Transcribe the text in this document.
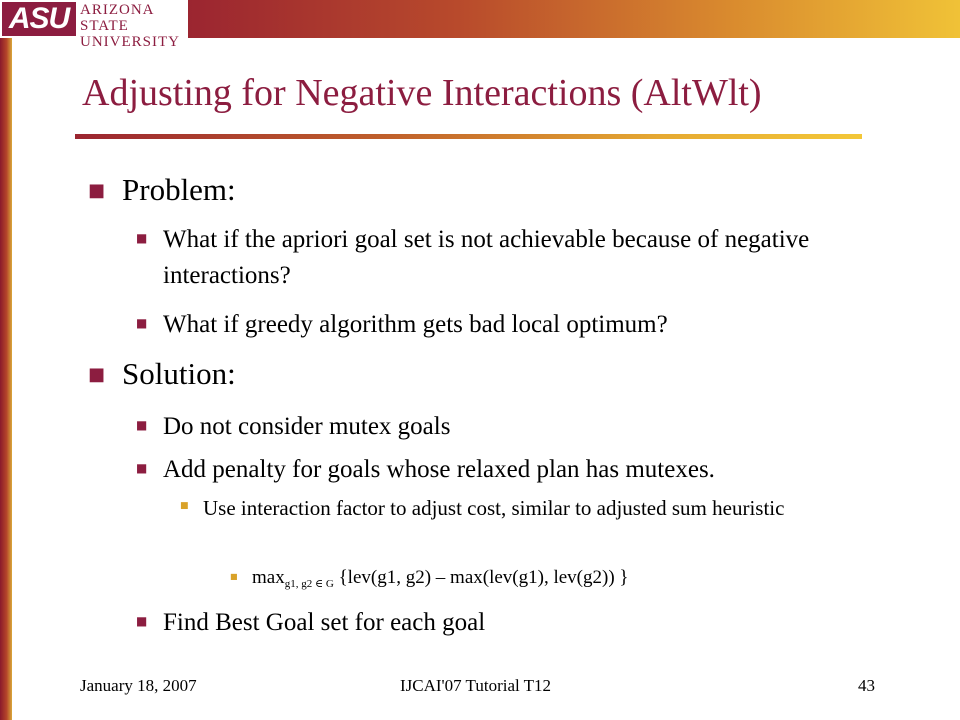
ASU ARIZONA STATE
UNIVERSITY
Adjusting for Negative Interactions (AltWlt)
■ Problem:
■ What if the apriori goal set is not achievable because of negative interactions?
■ What if greedy algorithm gets bad local optimum?
■ Solution:
■ Do not consider mutex goals
■ Add penalty for goals whose relaxed plan has mutexes.
■ Use interaction factor to adjust cost, similar to adjusted sum heuristic
■ $\max_{g1, g2 \in G} \{lev(g1$, g2) – max(lev(g1), lev(g2)) }
■ Find Best Goal set for each goal
January 18, 2007	IJCAI'07 Tutorial T12	43
